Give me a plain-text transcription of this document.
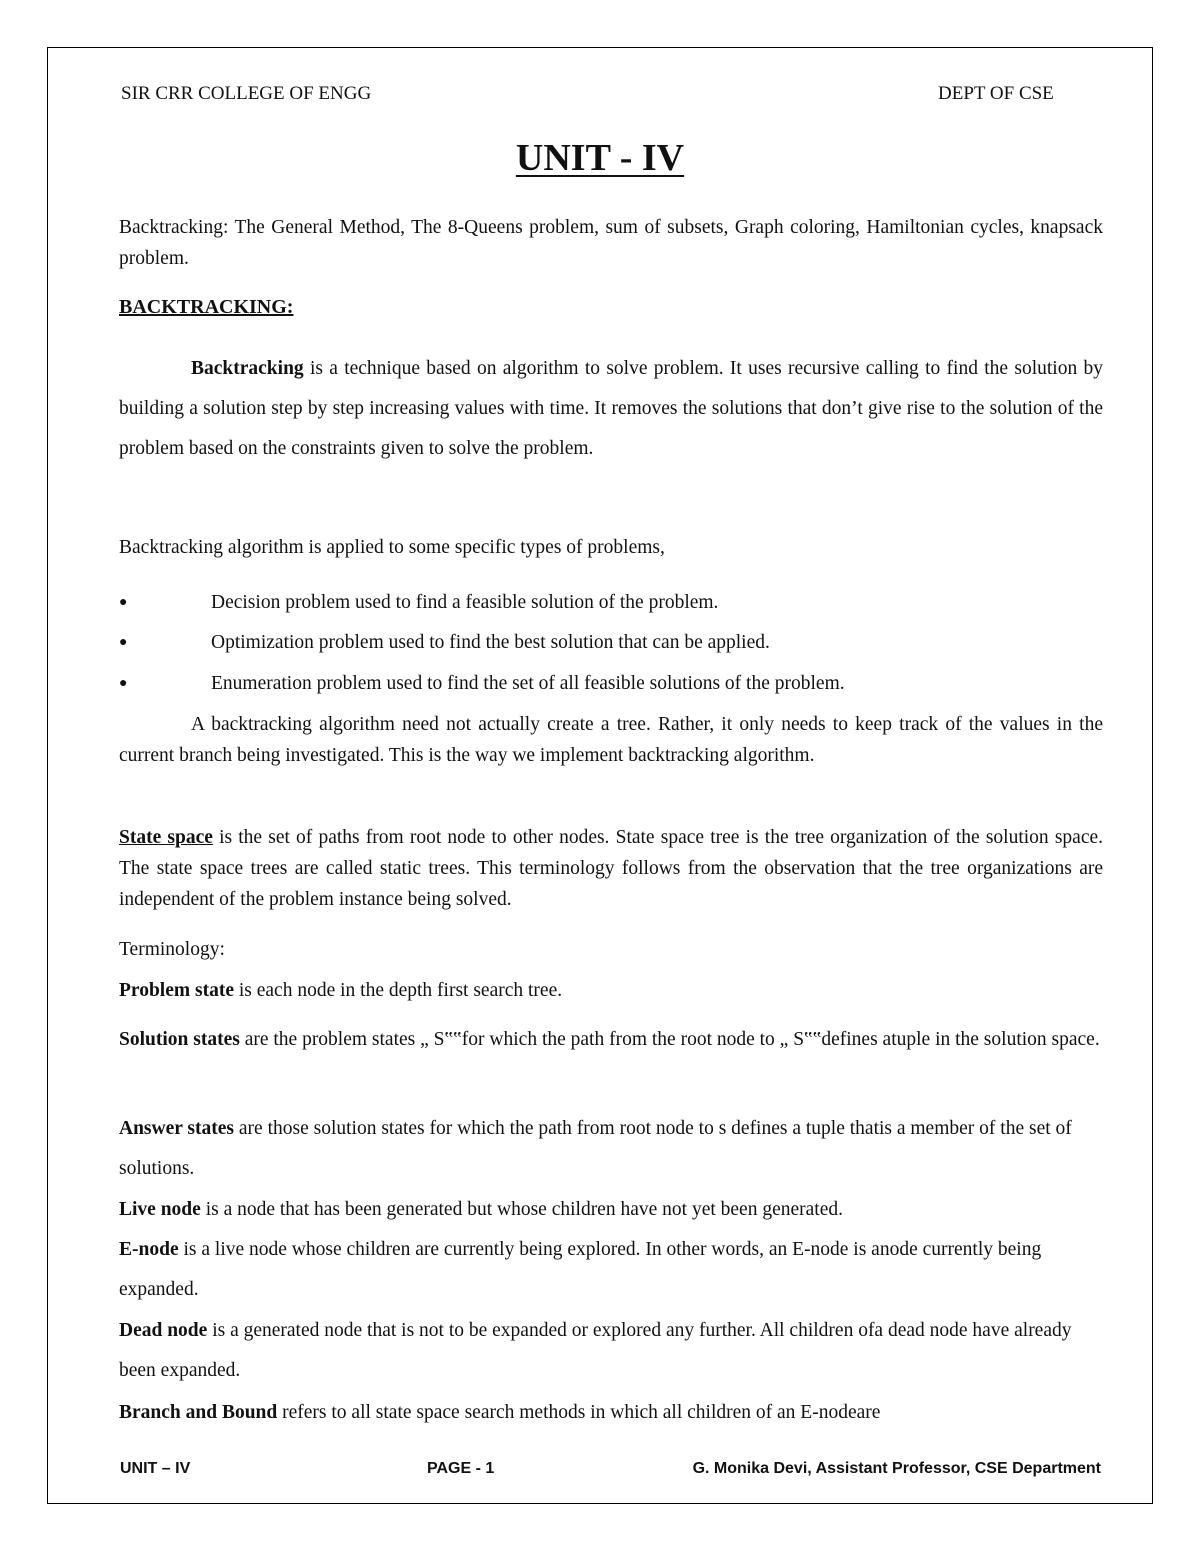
SIR CRR COLLEGE OF ENGG	DEPT OF CSE
UNIT - IV
Backtracking: The General Method, The 8-Queens problem, sum of subsets, Graph coloring, Hamiltonian cycles, knapsack problem.
BACKTRACKING:
Backtracking is a technique based on algorithm to solve problem. It uses recursive calling to find the solution by building a solution step by step increasing values with time. It removes the solutions that don’t give rise to the solution of the problem based on the constraints given to solve the problem.
Backtracking algorithm is applied to some specific types of problems,
●	Decision problem used to find a feasible solution of the problem.
●	Optimization problem used to find the best solution that can be applied.
●	Enumeration problem used to find the set of all feasible solutions of the problem.
A backtracking algorithm need not actually create a tree. Rather, it only needs to keep track of the values in the current branch being investigated. This is the way we implement backtracking algorithm.
State space is the set of paths from root node to other nodes. State space tree is the tree organization of the solution space. The state space trees are called static trees. This terminology follows from the observation that the tree organizations are independent of the problem instance being solved.
Terminology:
Problem state is each node in the depth first search tree.
Solution states are the problem states „ S‟‟for which the path from the root node to „ S‟‟defines atuple in the solution space.
Answer states are those solution states for which the path from root node to s defines a tuple thatis a member of the set of solutions.
Live node is a node that has been generated but whose children have not yet been generated.
E-node is a live node whose children are currently being explored. In other words, an E-node is anode currently being expanded.
Dead node is a generated node that is not to be expanded or explored any further. All children ofa dead node have already been expanded.
Branch and Bound refers to all state space search methods in which all children of an E-nodeare
UNIT – IV	PAGE - 1	G. Monika Devi, Assistant Professor, CSE Department
